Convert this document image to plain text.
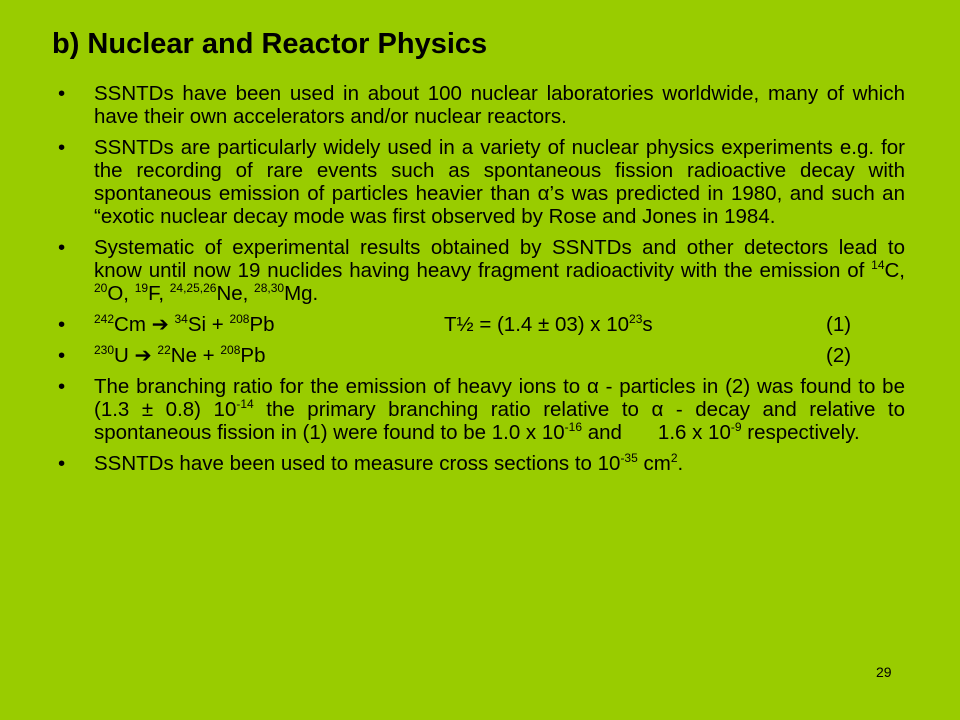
b) Nuclear and Reactor Physics
• SSNTDs have been used in about 100 nuclear laboratories worldwide, many of which have their own accelerators and/or nuclear reactors.
• SSNTDs are particularly widely used in a variety of nuclear physics experiments e.g. for the recording of rare events such as spontaneous fission radioactive decay with spontaneous emission of particles heavier than α’s was predicted in 1980, and such an “exotic nuclear decay mode was first observed by Rose and Jones in 1984.
• Systematic of experimental results obtained by SSNTDs and other detectors lead to know until now 19 nuclides having heavy fragment radioactivity with the emission of $^{14}$C, $^{20}$O, $^{19}$F, $^{24,25,26}$Ne, $^{28,30}$Mg.
• $^{242}$Cm ➔ $^{34}$Si + $^{208}$Pb	T½ = (1.4 ± 03) x $10^{23}s$	(1)
• $^{230}$U ➔ $^{22}$Ne + $^{208}$Pb	(2)
• The branching ratio for the emission of heavy ions to α - particles in (2) was found to be (1.3 ± 0.8) $10^{-14}$ the primary branching ratio relative to α - decay and relative to spontaneous fission in (1) were found to be 1.0 x $10^{-16}$ and 1.6 x $10^{-9}$ respectively.
• SSNTDs have been used to measure cross sections to $10^{-35}$ $cm^2$.
29
